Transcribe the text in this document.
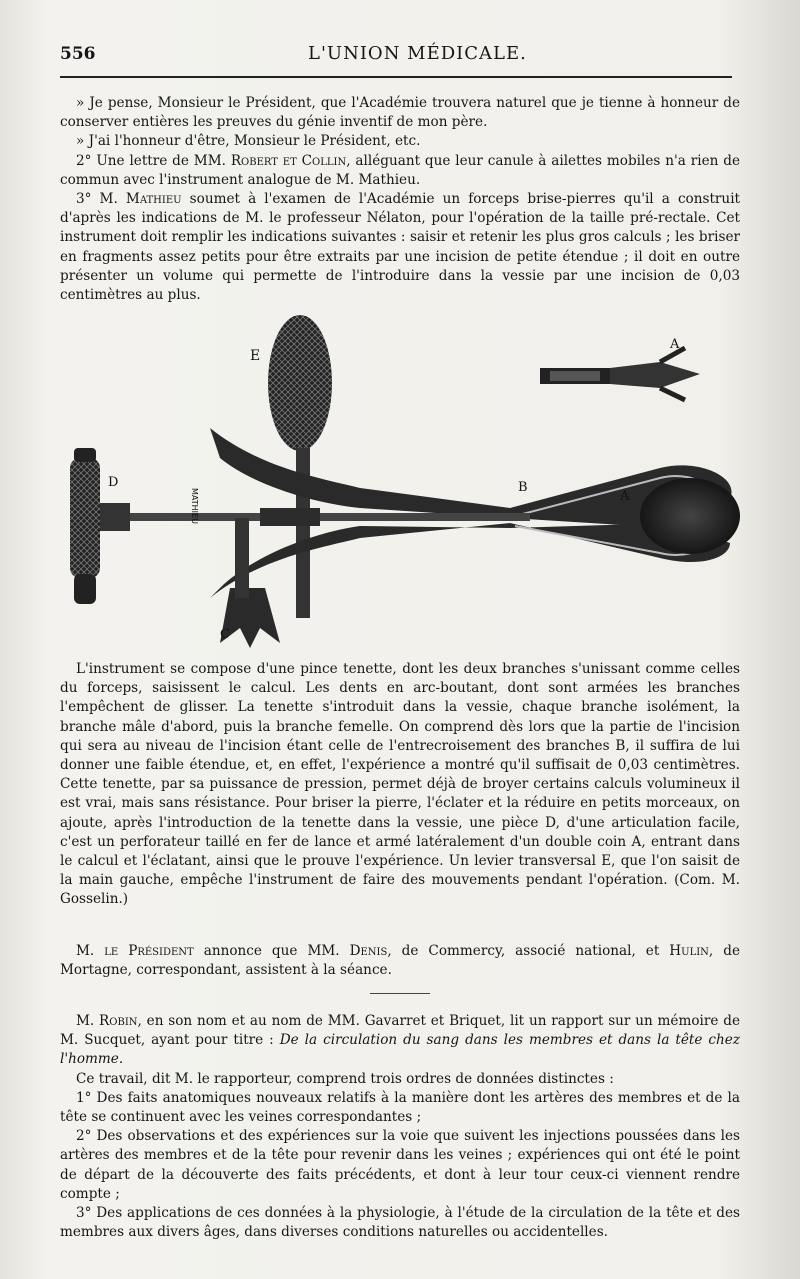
556	L'UNION MÉDICALE.

» Je pense, Monsieur le Président, que l'Académie trouvera naturel que je tienne à honneur de conserver entières les preuves du génie inventif de mon père.

» J'ai l'honneur d'être, Monsieur le Président, etc.

2° Une lettre de MM. Robert et Collin, alléguant que leur canule à ailettes mobiles n'a rien de commun avec l'instrument analogue de M. Mathieu.

3° M. Mathieu soumet à l'examen de l'Académie un forceps brise-pierres qu'il a construit d'après les indications de M. le professeur Nélaton, pour l'opération de la taille pré-rectale. Cet instrument doit remplir les indications suivantes : saisir et retenir les plus gros calculs ; les briser en fragments assez petits pour être extraits par une incision de petite étendue ; il doit en outre présenter un volume qui permette de l'introduire dans la vessie par une incision de 0,03 centimètres au plus.

E
D	B
A
A
C
MATHIEU

L'instrument se compose d'une pince tenette, dont les deux branches s'unissant comme celles du forceps, saisissent le calcul. Les dents en arc-boutant, dont sont armées les branches l'empêchent de glisser. La tenette s'introduit dans la vessie, chaque branche isolément, la branche mâle d'abord, puis la branche femelle. On comprend dès lors que la partie de l'incision qui sera au niveau de l'incision étant celle de l'entrecroisement des branches B, il suffira de lui donner une faible étendue, et, en effet, l'expérience a montré qu'il suffisait de 0,03 centimètres. Cette tenette, par sa puissance de pression, permet déjà de broyer certains calculs volumineux il est vrai, mais sans résistance. Pour briser la pierre, l'éclater et la réduire en petits morceaux, on ajoute, après l'introduction de la tenette dans la vessie, une pièce D, d'une articulation facile, c'est un perforateur taillé en fer de lance et armé latéralement d'un double coin A, entrant dans le calcul et l'éclatant, ainsi que le prouve l'expérience. Un levier transversal E, que l'on saisit de la main gauche, empêche l'instrument de faire des mouvements pendant l'opération. (Com. M. Gosselin.)

M. le Président annonce que MM. Denis, de Commercy, associé national, et Hulin, de Mortagne, correspondant, assistent à la séance.

M. Robin, en son nom et au nom de MM. Gavarret et Briquet, lit un rapport sur un mémoire de M. Sucquet, ayant pour titre : De la circulation du sang dans les membres et dans la tête chez l'homme.

Ce travail, dit M. le rapporteur, comprend trois ordres de données distinctes :

1° Des faits anatomiques nouveaux relatifs à la manière dont les artères des membres et de la tête se continuent avec les veines correspondantes ;

2° Des observations et des expériences sur la voie que suivent les injections poussées dans les artères des membres et de la tête pour revenir dans les veines ; expériences qui ont été le point de départ de la découverte des faits précédents, et dont à leur tour ceux-ci viennent rendre compte ;

3° Des applications de ces données à la physiologie, à l'étude de la circulation de la tête et des membres aux divers âges, dans diverses conditions naturelles ou accidentelles.
